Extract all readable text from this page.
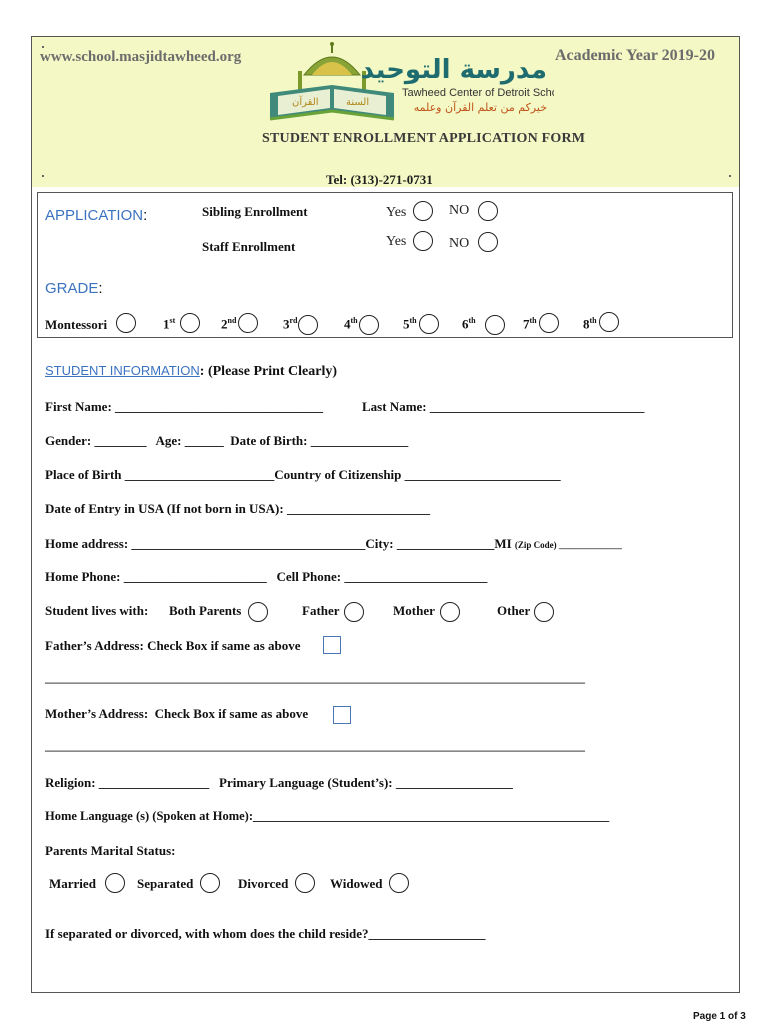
www.school.masjidtawheed.org	Academic Year 2019-20
القرآن	السنة
مدرسة التوحيد
Tawheed Center of Detroit School
خيركم من تعلم القرآن وعلمه
STUDENT ENROLLMENT APPLICATION FORM
Tel: (313)-271-0731
APPLICATION:	Sibling Enrollment	Yes	NO
Staff Enrollment	Yes	NO
GRADE:
Montessori	1st	2nd	3rd	4th	5th	6th	7th	8th
STUDENT INFORMATION: (Please Print Clearly)
First Name: ________________________________	Last Name: _________________________________
Gender: ________   Age: ______  Date of Birth: _______________
Place of Birth _______________________Country of Citizenship ________________________
Date of Entry in USA (If not born in USA): ______________________
Home address: ____________________________________City: _______________MI (Zip Code) ______________
Home Phone: ______________________   Cell Phone: ______________________
Student lives with: Both Parents	Father	Mother	Other
Father’s Address: Check Box if same as above
__________________________________________________________________________________________
Mother’s Address:  Check Box if same as above
__________________________________________________________________________________________
Religion: _________________   Primary Language (Student’s): __________________
Home Language (s) (Spoken at Home):_________________________________________________________
Parents Marital Status:
Married	Separated	Divorced	Widowed
If separated or divorced, with whom does the child reside?__________________
Page 1 of 3
